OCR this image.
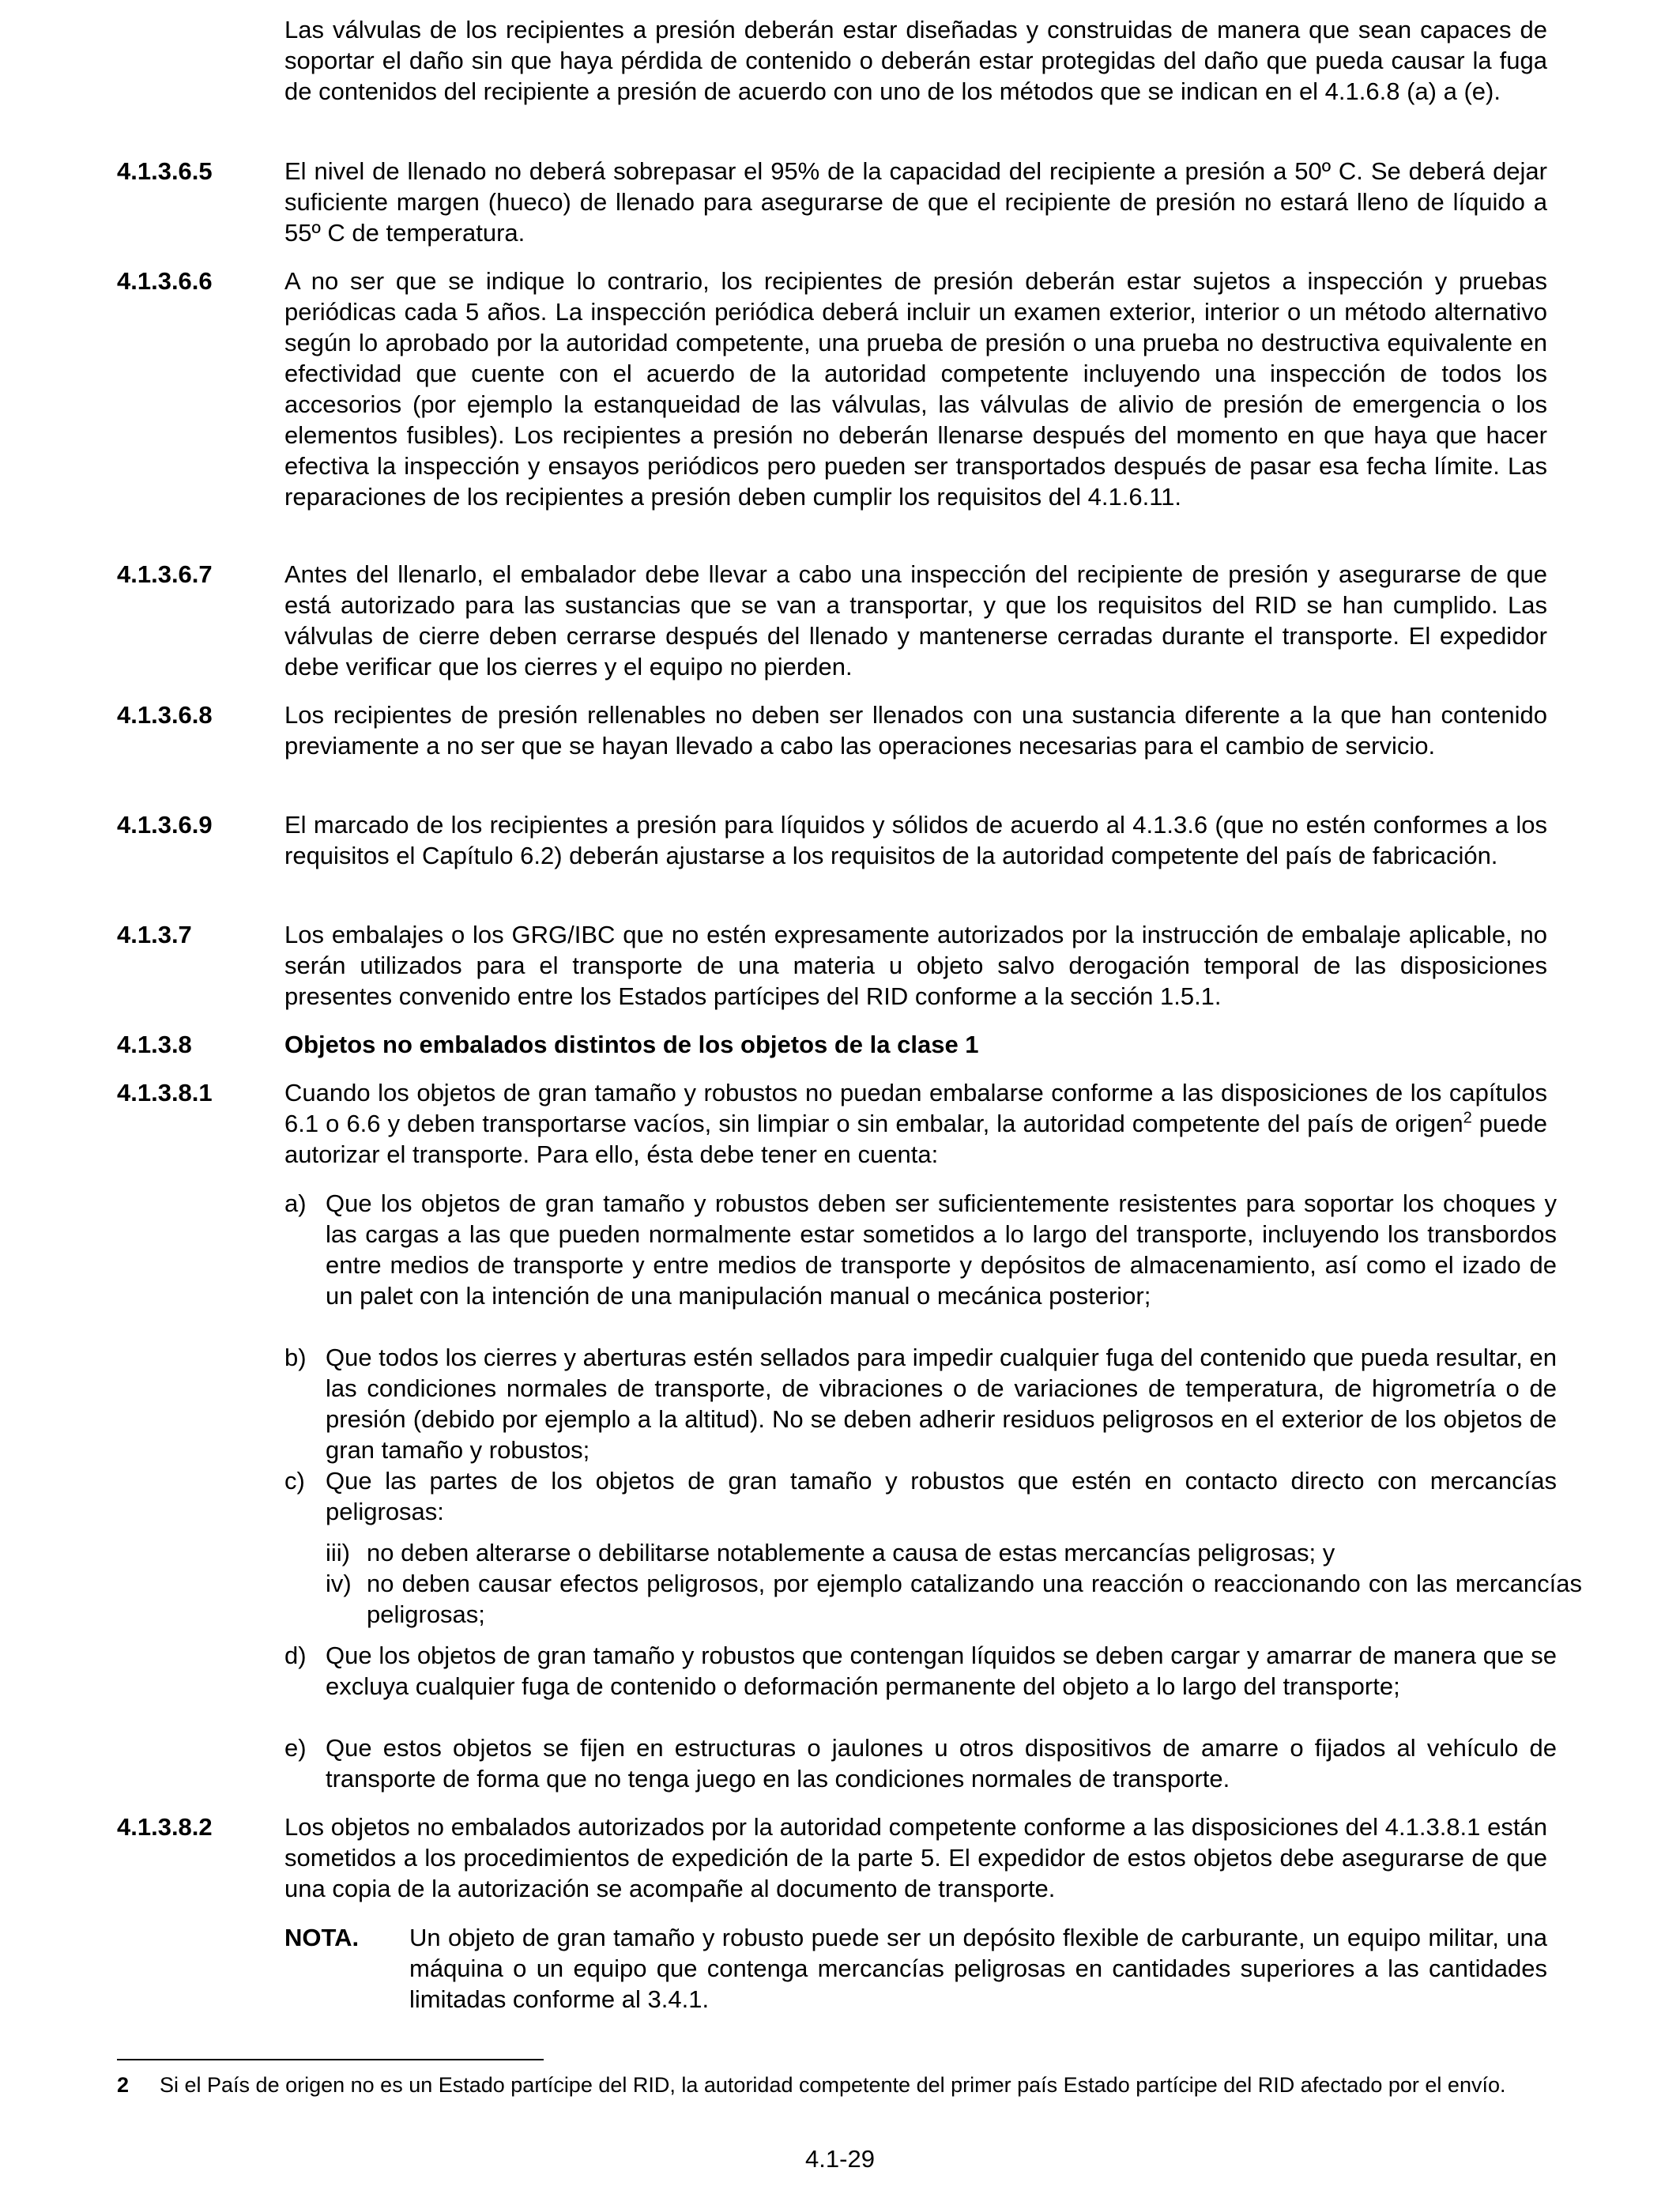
Las válvulas de los recipientes a presión deberán estar diseñadas y construidas de manera que sean capaces de soportar el daño sin que haya pérdida de contenido o deberán estar protegidas del daño que pueda causar la fuga de contenidos del recipiente a presión de acuerdo con uno de los métodos que se indican en el 4.1.6.8 (a) a (e).
4.1.3.6.5	El nivel de llenado no deberá sobrepasar el 95% de la capacidad del recipiente a presión a 50º C. Se deberá dejar suficiente margen (hueco) de llenado para asegurarse de que el recipiente de presión no estará lleno de líquido a 55º C de temperatura.
4.1.3.6.6	A no ser que se indique lo contrario, los recipientes de presión deberán estar sujetos a inspección y pruebas periódicas cada 5 años. La inspección periódica deberá incluir un examen exterior, interior o un método alternativo según lo aprobado por la autoridad competente, una prueba de presión o una prueba no destructiva equivalente en efectividad que cuente con el acuerdo de la autoridad competente incluyendo una inspección de todos los accesorios (por ejemplo la estanqueidad de las válvulas, las válvulas de alivio de presión de emergencia o los elementos fusibles). Los recipientes a presión no deberán llenarse después del momento en que haya que hacer efectiva la inspección y ensayos periódicos pero pueden ser transportados después de pasar esa fecha límite. Las reparaciones de los recipientes a presión deben cumplir los requisitos del 4.1.6.11.
4.1.3.6.7	Antes del llenarlo, el embalador debe llevar a cabo una inspección del recipiente de presión y asegurarse de que está autorizado para las sustancias que se van a transportar, y que los requisitos del RID se han cumplido. Las válvulas de cierre deben cerrarse después del llenado y mantenerse cerradas durante el transporte. El expedidor debe verificar que los cierres y el equipo no pierden.
4.1.3.6.8	Los recipientes de presión rellenables no deben ser llenados con una sustancia diferente a la que han contenido previamente a no ser que se hayan llevado a cabo las operaciones necesarias para el cambio de servicio.
4.1.3.6.9	El marcado de los recipientes a presión para líquidos y sólidos de acuerdo al 4.1.3.6 (que no estén conformes a los requisitos el Capítulo 6.2) deberán ajustarse a los requisitos de la autoridad competente del país de fabricación.
4.1.3.7	Los embalajes o los GRG/IBC que no estén expresamente autorizados por la instrucción de embalaje aplicable, no serán utilizados para el transporte de una materia u objeto salvo derogación temporal de las disposiciones presentes convenido entre los Estados partícipes del RID conforme a la sección 1.5.1.
4.1.3.8	Objetos no embalados distintos de los objetos de la clase 1
4.1.3.8.1	Cuando los objetos de gran tamaño y robustos no puedan embalarse conforme a las disposiciones de los capítulos 6.1 o 6.6 y deben transportarse vacíos, sin limpiar o sin embalar, la autoridad competente del país de origen$^2$ puede autorizar el transporte. Para ello, ésta debe tener en cuenta:
a) Que los objetos de gran tamaño y robustos deben ser suficientemente resistentes para soportar los choques y las cargas a las que pueden normalmente estar sometidos a lo largo del transporte, incluyendo los transbordos entre medios de transporte y entre medios de transporte y depósitos de almacenamiento, así como el izado de un palet con la intención de una manipulación manual o mecánica posterior;
b) Que todos los cierres y aberturas estén sellados para impedir cualquier fuga del contenido que pueda resultar, en las condiciones normales de transporte, de vibraciones o de variaciones de temperatura, de higrometría o de presión (debido por ejemplo a la altitud). No se deben adherir residuos peligrosos en el exterior de los objetos de gran tamaño y robustos;
c) Que las partes de los objetos de gran tamaño y robustos que estén en contacto directo con mercancías peligrosas:
iii) no deben alterarse o debilitarse notablemente a causa de estas mercancías peligrosas; y
iv) no deben causar efectos peligrosos, por ejemplo catalizando una reacción o reaccionando con las mercancías peligrosas;
d) Que los objetos de gran tamaño y robustos que contengan líquidos se deben cargar y amarrar de manera que se excluya cualquier fuga de contenido o deformación permanente del objeto a lo largo del transporte;
e) Que estos objetos se fijen en estructuras o jaulones u otros dispositivos de amarre o fijados al vehículo de transporte de forma que no tenga juego en las condiciones normales de transporte.
4.1.3.8.2	Los objetos no embalados autorizados por la autoridad competente conforme a las disposiciones del 4.1.3.8.1 están sometidos a los procedimientos de expedición de la parte 5. El expedidor de estos objetos debe asegurarse de que una copia de la autorización se acompañe al documento de transporte.
NOTA. Un objeto de gran tamaño y robusto puede ser un depósito flexible de carburante, un equipo militar, una máquina o un equipo que contenga mercancías peligrosas en cantidades superiores a las cantidades limitadas conforme al 3.4.1.
2 Si el País de origen no es un Estado partícipe del RID, la autoridad competente del primer país Estado partícipe del RID afectado por el envío.
4.1-29
